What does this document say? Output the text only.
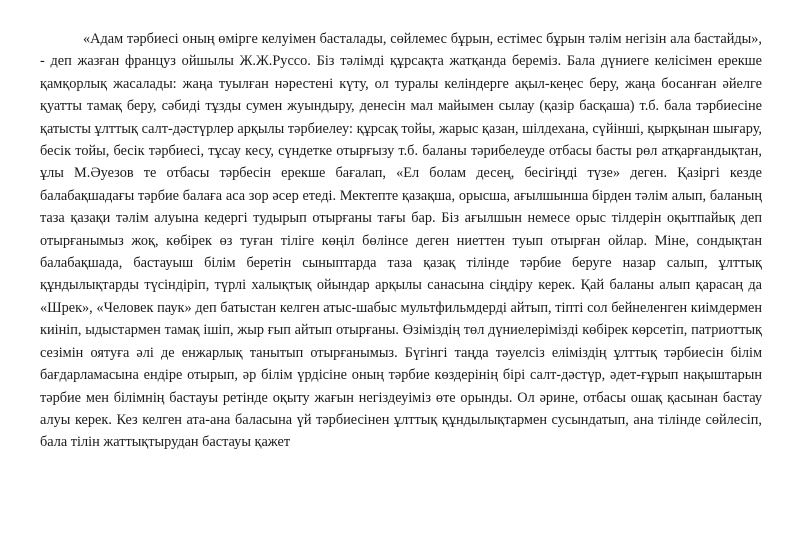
«Адам тәрбиесі оның өміргe келуімен басталады, сөйлемес бұрын, естімес бұрын тәлім негізін ала бастайды», - деп жазған француз ойшылы Ж.Ж.Руссо. Біз тәлімді құрсақта жатқанда береміз. Бала дүниеге келісімен ерекше қамқорлық жасалады: жаңа туылған нәрестені күту, ол туралы келіндерге ақыл-кеңес беру, жаңа босанған әйелге қуатты тамақ беру, сәбиді тұзды сумен жуындыру, денесін мал майымен сылау (қазір басқаша) т.б. бала тәрбиесіне қатысты ұлттық салт-дәстүрлер арқылы тәрбиелеу: құрсақ тойы, жарыс қазан, шілдехана, сүйінші, қырқынан шығару, бесік тойы, бесік тәрбиесі, тұсау кесу, сүндетке отырғызу т.б. баланы тәрибелеуде отбасы басты рөл атқарғандықтан, ұлы М.Әуезов те отбасы тәрбесін ерекше бағалап, «Ел болам десең, бесігіңді түзе» деген. Қазіргі кезде балабақшадағы тәрбие балаға аса зор әсер етеді. Мектепте қазақша, орысша, ағылшынша бірден тәлім алып, баланың таза қазақи тәлім алуына кедергі тудырып отырғаны тағы бар. Біз ағылшын немесе орыс тілдерін оқытпайық деп отырғанымыз жоқ, көбірек өз туған тіліге көңіл бөлінсе деген ниеттен туып отырған ойлар. Міне, сондықтан балабақшада, бастауыш білім беретін сыныптарда таза қазақ тілінде тәрбие беруге назар салып, ұлттық құндылықтарды түсіндіріп, түрлі халықтық ойындар арқылы санасына сіңдіру керек. Қай баланы алып қарасаң да «Шрек», «Человек паук» деп батыстан келген атыс-шабыс мультфильмдерді айтып, тіпті сол бейнеленген киімдермен киініп, ыдыстармен тамақ ішіп, жыр ғып айтып отырғаны. Өзіміздің төл дүниелерімізді көбірек көрсетіп, патриоттық сезімін оятуға әлі де енжарлық танытып отырғанымыз. Бүгінгі таңда тәуелсіз еліміздің ұлттық тәрбиесін білім бағдарламасына ендіре отырып, әр білім үрдісіне оның тәрбие көздерінің бірі салт-дәстүр, әдет-ғұрып нақыштарын тәрбие мен білімнің бастауы ретінде оқыту жағын негіздеуіміз өте орынды. Ол әрине, отбасы ошақ қасынан бастау алуы керек. Кез келген ата-ана баласына үй тәрбиесінен ұлттық құндылықтармен сусындатып, ана тілінде сөйлесіп, бала тілін жаттықтырудан бастауы қажет
